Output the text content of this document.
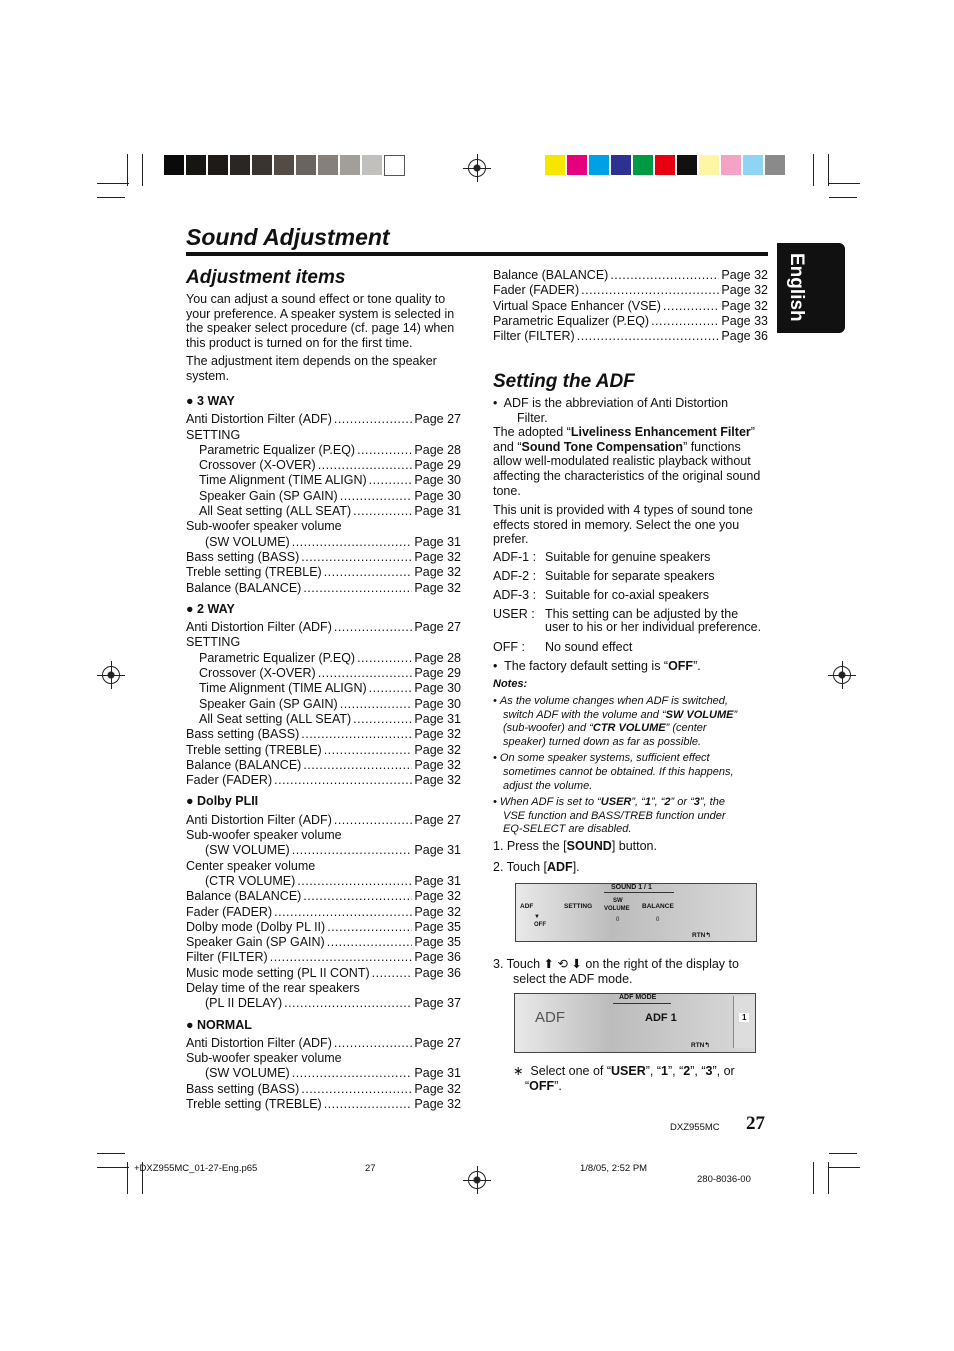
Sound Adjustment
English
Adjustment items
You can adjust a sound effect or tone quality to
your preference. A speaker system is selected in
the speaker select procedure (cf. page 14) when
this product is turned on for the first time.
The adjustment item depends on the speaker
system.
● 3 WAY
Anti Distortion Filter (ADF) .....	Page 27
SETTING
Parametric Equalizer (P.EQ) .....	Page 28
Crossover (X-OVER) .....	Page 29
Time Alignment (TIME ALIGN) .....	Page 30
Speaker Gain (SP GAIN) .....	Page 30
All Seat setting (ALL SEAT) .....	Page 31
Sub-woofer speaker volume
(SW VOLUME) .....	Page 31
Bass setting (BASS) .....	Page 32
Treble setting (TREBLE) .....	Page 32
Balance (BALANCE) .....	Page 32
● 2 WAY
Anti Distortion Filter (ADF) .....	Page 27
SETTING
Parametric Equalizer (P.EQ) .....	Page 28
Crossover (X-OVER) .....	Page 29
Time Alignment (TIME ALIGN) .....	Page 30
Speaker Gain (SP GAIN) .....	Page 30
All Seat setting (ALL SEAT) .....	Page 31
Bass setting (BASS) .....	Page 32
Treble setting (TREBLE) .....	Page 32
Balance (BALANCE) .....	Page 32
Fader (FADER) .....	Page 32
● Dolby PLII
Anti Distortion Filter (ADF) .....	Page 27
Sub-woofer speaker volume
(SW VOLUME) .....	Page 31
Center speaker volume
(CTR VOLUME) .....	Page 31
Balance (BALANCE) .....	Page 32
Fader (FADER) .....	Page 32
Dolby mode (Dolby PL II) .....	Page 35
Speaker Gain (SP GAIN) .....	Page 35
Filter (FILTER) .....	Page 36
Music mode setting (PL II CONT) .....	Page 36
Delay time of the rear speakers
(PL II DELAY) .....	Page 37
● NORMAL
Anti Distortion Filter (ADF) .....	Page 27
Sub-woofer speaker volume
(SW VOLUME) .....	Page 31
Bass setting (BASS) .....	Page 32
Treble setting (TREBLE) .....	Page 32
Balance (BALANCE) .....	Page 32
Fader (FADER) .....	Page 32
Virtual Space Enhancer (VSE) .....	Page 32
Parametric Equalizer (P.EQ) .....	Page 33
Filter (FILTER) .....	Page 36
Setting the ADF
•  ADF is the abbreviation of Anti Distortion
Filter.
The adopted “Liveliness Enhancement Filter”
and “Sound Tone Compensation” functions
allow well-modulated realistic playback without
affecting the characteristics of the original sound
tone.
This unit is provided with 4 types of sound tone
effects stored in memory. Select the one you
prefer.
ADF-1 : Suitable for genuine speakers
ADF-2 : Suitable for separate speakers
ADF-3 : Suitable for co-axial speakers
USER : This setting can be adjusted by the
user to his or her individual preference.
OFF :	No sound effect
•  The factory default setting is “OFF”.
Notes:
• As the volume changes when ADF is switched,
switch ADF with the volume and “SW VOLUME”
(sub-woofer) and “CTR VOLUME” (center
speaker) turned down as far as possible.
• On some speaker systems, sufficient effect
sometimes cannot be obtained. If this happens,
adjust the volume.
• When ADF is set to “USER”, “1”, “2” or “3”, the
VSE function and BASS/TREB function under
EQ-SELECT are disabled.
1. Press the [SOUND] button.
2. Touch [ADF].
SOUND 1 / 1
ADF
▼
OFF
SETTING
SW
VOLUME
0
BALANCE
0
RTN↰
3. Touch ⬆ ⟲ ⬇ on the right of the display to
select the ADF mode.
ADF MODE
ADF	ADF 1	1
RTN↰
∗  Select one of “USER”, “1”, “2”, “3”, or
“OFF”.
DXZ955MC 27
+DXZ955MC_01-27-Eng.p65	27	1/8/05, 2:52 PM
280-8036-00
